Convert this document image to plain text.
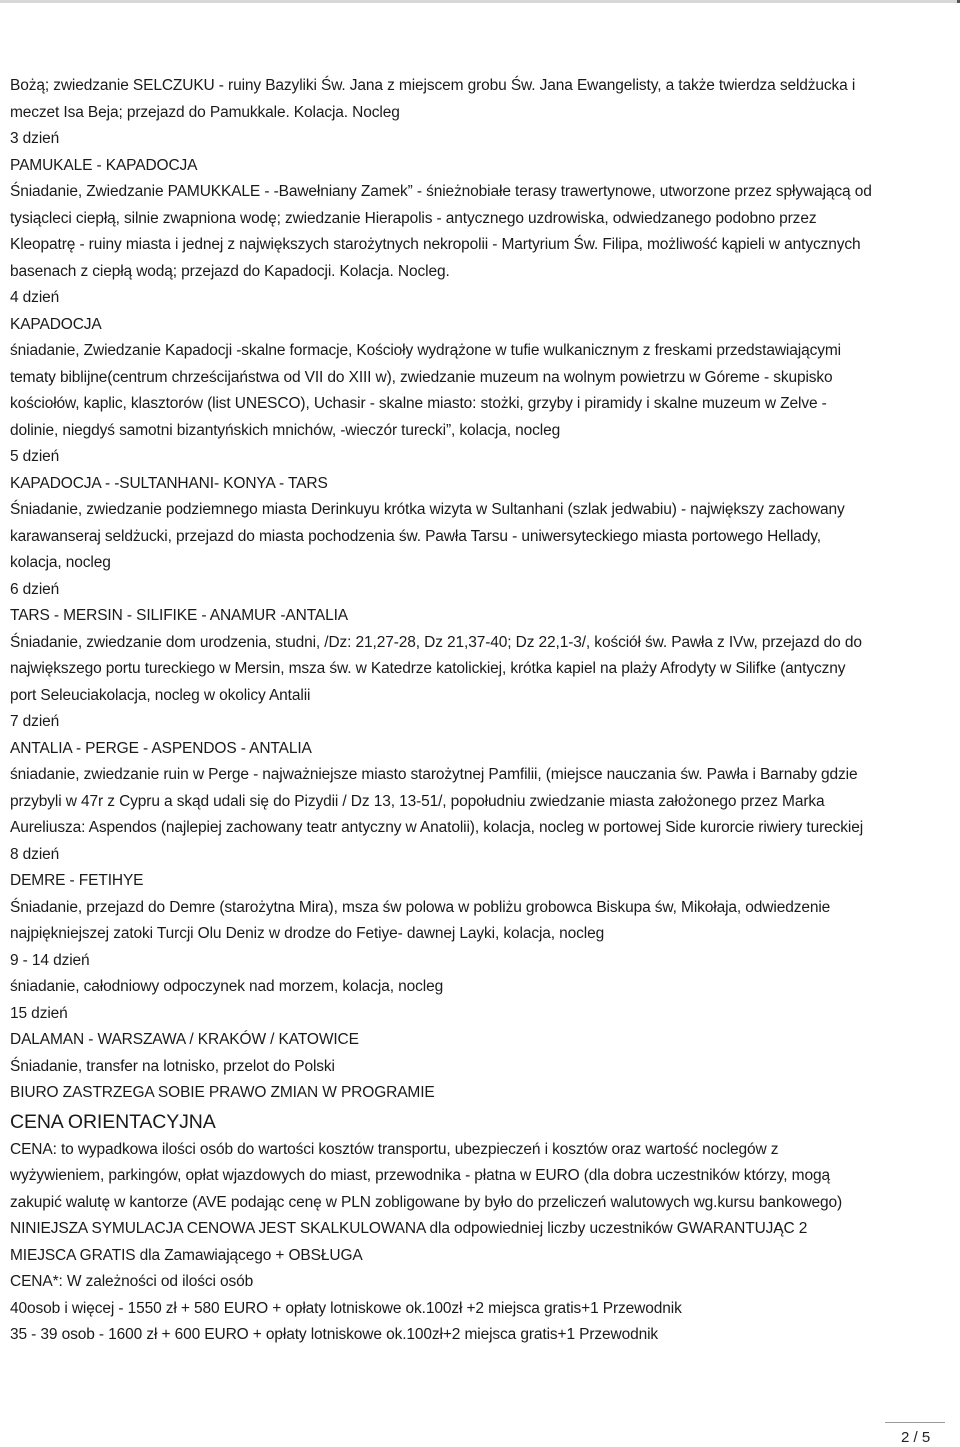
Bożą; zwiedzanie SELCZUKU - ruiny Bazyliki Św. Jana z miejscem grobu Św. Jana Ewangelisty, a także twierdza seldżucka i
meczet Isa Beja; przejazd do Pamukkale. Kolacja. Nocleg
3 dzień
PAMUKALE - KAPADOCJA
Śniadanie, Zwiedzanie PAMUKKALE - -Bawełniany Zamek” - śnieżnobiałe terasy trawertynowe, utworzone przez spływającą od
tysiącleci ciepłą, silnie zwapniona wodę; zwiedzanie Hierapolis - antycznego uzdrowiska, odwiedzanego podobno przez
Kleopatrę - ruiny miasta i jednej z największych starożytnych nekropolii - Martyrium Św. Filipa, możliwość kąpieli w antycznych
basenach z ciepłą wodą; przejazd do Kapadocji. Kolacja. Nocleg.
4 dzień
KAPADOCJA
śniadanie, Zwiedzanie Kapadocji -skalne formacje, Kościoły wydrążone w tufie wulkanicznym z freskami przedstawiającymi
tematy biblijne(centrum chrześcijaństwa od VII do XIII w), zwiedzanie muzeum na wolnym powietrzu w Góreme - skupisko
kościołów, kaplic, klasztorów (list UNESCO), Uchasir - skalne miasto: stożki, grzyby i piramidy i skalne muzeum w Zelve -
dolinie, niegdyś samotni bizantyńskich mnichów, -wieczór turecki”, kolacja, nocleg
5 dzień
KAPADOCJA - -SULTANHANI- KONYA - TARS
Śniadanie, zwiedzanie podziemnego miasta Derinkuyu krótka wizyta w Sultanhani (szlak jedwabiu) - największy zachowany
karawanseraj seldżucki, przejazd do miasta pochodzenia św. Pawła Tarsu - uniwersyteckiego miasta portowego Hellady,
kolacja, nocleg
6 dzień
TARS - MERSIN - SILIFIKE - ANAMUR -ANTALIA
Śniadanie, zwiedzanie dom urodzenia, studni, /Dz: 21,27-28, Dz 21,37-40; Dz 22,1-3/, kościół św. Pawła z IVw, przejazd do do
największego portu tureckiego w Mersin, msza św. w Katedrze katolickiej, krótka kapiel na plaży Afrodyty w Silifke (antyczny
port Seleuciakolacja, nocleg w okolicy Antalii
7 dzień
ANTALIA - PERGE - ASPENDOS - ANTALIA
śniadanie, zwiedzanie ruin w Perge - najważniejsze miasto starożytnej Pamfilii, (miejsce nauczania św. Pawła i Barnaby gdzie
przybyli w 47r z Cypru a skąd udali się do Pizydii / Dz 13, 13-51/, popołudniu zwiedzanie miasta założonego przez Marka
Aureliusza: Aspendos (najlepiej zachowany teatr antyczny w Anatolii), kolacja, nocleg w portowej Side kurorcie riwiery tureckiej
8 dzień
DEMRE - FETIHYE
Śniadanie, przejazd do Demre (starożytna Mira), msza św polowa w pobliżu grobowca Biskupa św, Mikołaja, odwiedzenie
najpiękniejszej zatoki Turcji Olu Deniz w drodze do Fetiye- dawnej Layki, kolacja, nocleg
9 - 14 dzień
śniadanie, całodniowy odpoczynek nad morzem, kolacja, nocleg
15 dzień
DALAMAN - WARSZAWA / KRAKÓW / KATOWICE
Śniadanie, transfer na lotnisko, przelot do Polski
BIURO ZASTRZEGA SOBIE PRAWO ZMIAN W PROGRAMIE
CENA ORIENTACYJNA
CENA: to wypadkowa ilości osób do wartości kosztów transportu, ubezpieczeń i kosztów oraz wartość noclegów z
wyżywieniem, parkingów, opłat wjazdowych do miast, przewodnika - płatna w EURO (dla dobra uczestników którzy, mogą
zakupić walutę w kantorze (AVE podając cenę w PLN zobligowane by było do przeliczeń walutowych wg.kursu bankowego)
NINIEJSZA SYMULACJA CENOWA JEST SKALKULOWANA dla odpowiedniej liczby uczestników GWARANTUJĄC 2
MIEJSCA GRATIS dla Zamawiającego + OBSŁUGA
CENA*: W zależności od ilości osób
40osob i więcej - 1550 zł + 580 EURO + opłaty lotniskowe ok.100zł +2 miejsca gratis+1 Przewodnik
35 - 39 osob - 1600 zł + 600 EURO + opłaty lotniskowe ok.100zł+2 miejsca gratis+1 Przewodnik
2 / 5
